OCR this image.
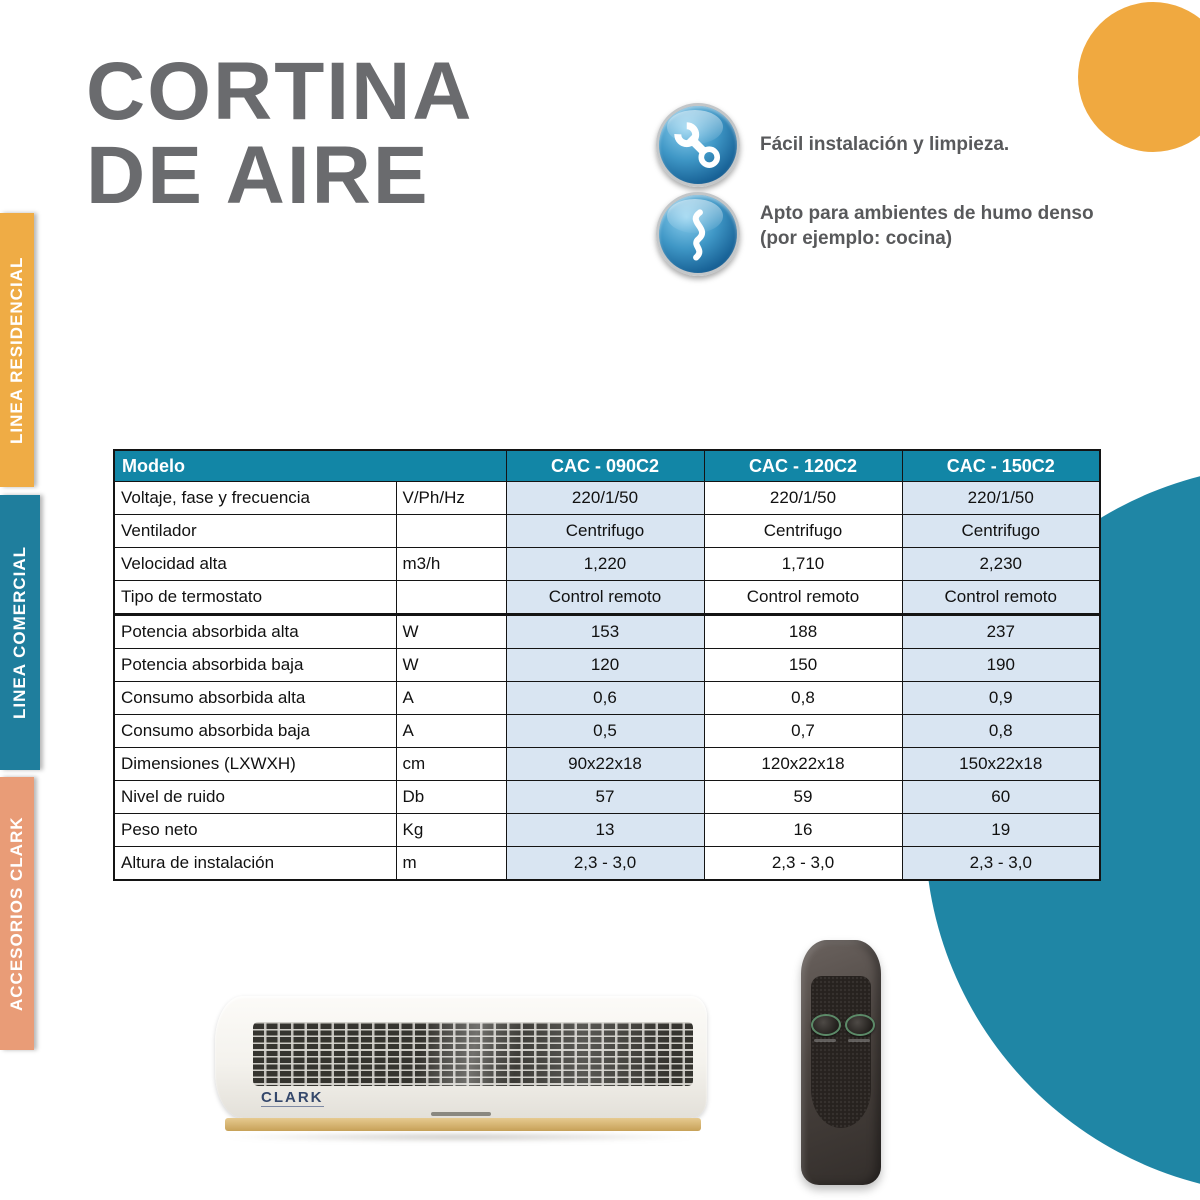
CORTINA
DE AIRE
LINEA RESIDENCIAL
LINEA COMERCIAL
ACCESORIOS CLARK
Fácil instalación y limpieza.
Apto para ambientes de humo denso
(por ejemplo: cocina)
Modelo		CAC - 090C2	CAC - 120C2	CAC - 150C2
Voltaje, fase y frecuencia	V/Ph/Hz	220/1/50	220/1/50	220/1/50
Ventilador		Centrifugo	Centrifugo	Centrifugo
Velocidad alta	m3/h	1,220	1,710	2,230
Tipo de termostato		Control remoto	Control remoto	Control remoto
Potencia absorbida alta	W	153	188	237
Potencia absorbida baja	W	120	150	190
Consumo absorbida alta	A	0,6	0,8	0,9
Consumo absorbida baja	A	0,5	0,7	0,8
Dimensiones (LXWXH)	cm	90x22x18	120x22x18	150x22x18
Nivel de ruido	Db	57	59	60
Peso neto	Kg	13	16	19
Altura de instalación	m	2,3 - 3,0	2,3 - 3,0	2,3 - 3,0
CLARK
